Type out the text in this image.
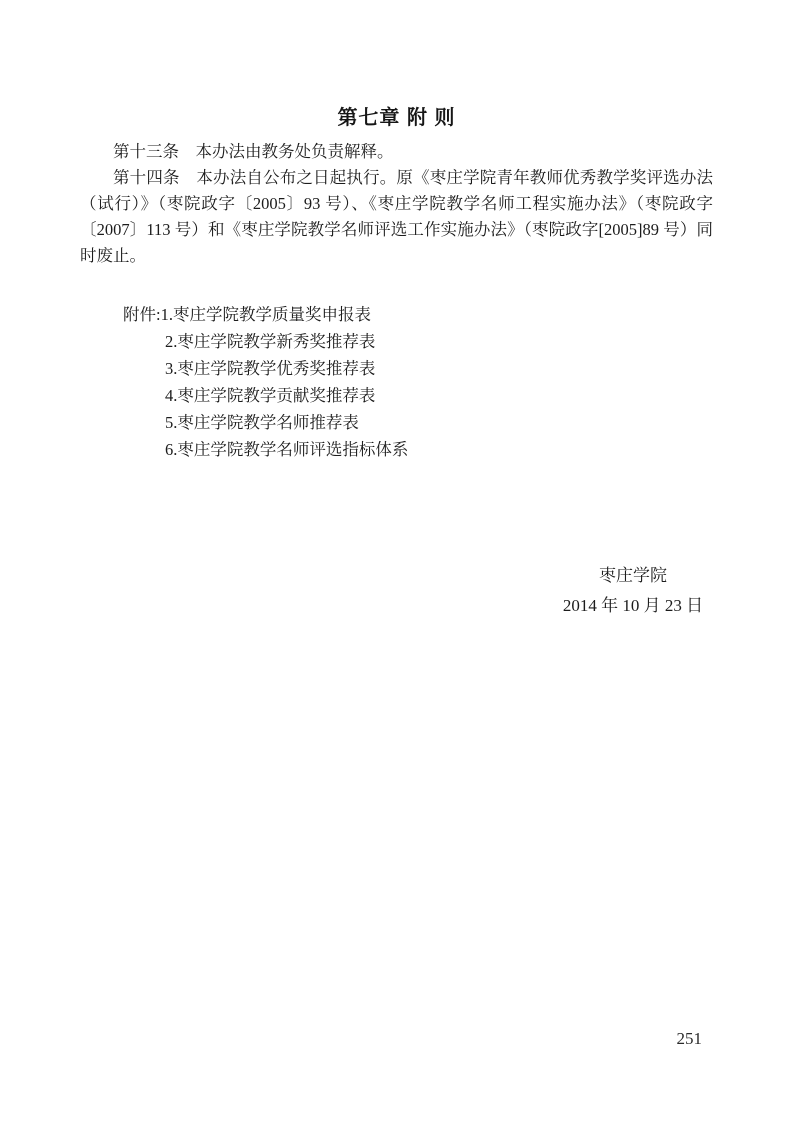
第七章 附 则
第十三条　本办法由教务处负责解释。
第十四条　本办法自公布之日起执行。原《枣庄学院青年教师优秀教学奖评选办法（试行）》（枣院政字〔2005〕93 号）、《枣庄学院教学名师工程实施办法》（枣院政字〔2007〕113 号）和《枣庄学院教学名师评选工作实施办法》（枣院政字[2005]89 号）同时废止。
附件:1.枣庄学院教学质量奖申报表
2.枣庄学院教学新秀奖推荐表
3.枣庄学院教学优秀奖推荐表
4.枣庄学院教学贡献奖推荐表
5.枣庄学院教学名师推荐表
6.枣庄学院教学名师评选指标体系
枣庄学院
2014 年 10 月 23 日
251
